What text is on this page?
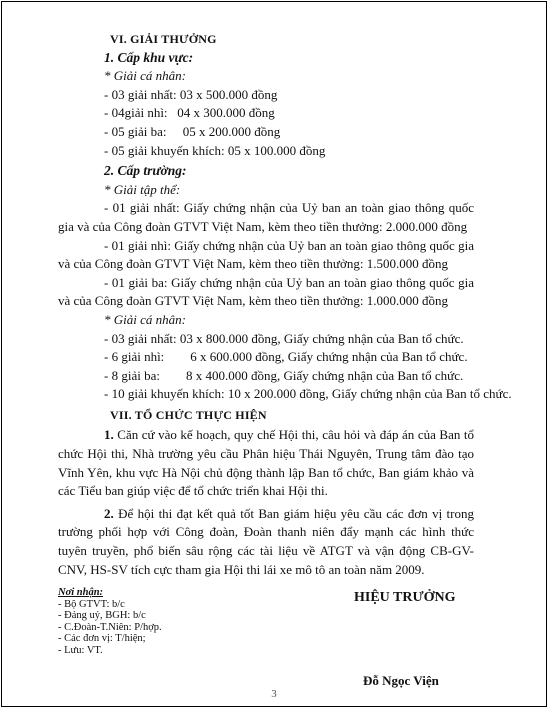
VI. GIẢI THƯỞNG
1. Cấp khu vực:
* Giải cá nhân:
- 03 giải nhất: 03 x 500.000 đồng
- 04giải nhì:   04 x 300.000 đồng
- 05 giải ba:     05 x 200.000 đồng
- 05 giải khuyến khích: 05 x 100.000 đồng
2. Cấp trường:
* Giải tập thể:
- 01 giải nhất: Giấy chứng nhận của Uỷ ban an toàn giao thông quốc gia và của Công đoàn GTVT Việt Nam, kèm theo tiền thưởng: 2.000.000 đồng
- 01 giải nhì: Giấy chứng nhận của Uỷ ban an toàn giao thông quốc gia và của Công đoàn GTVT Việt Nam, kèm theo tiền thưởng: 1.500.000 đồng
- 01 giải ba: Giấy chứng nhận của Uỷ ban an toàn giao thông quốc gia và của Công đoàn GTVT Việt Nam, kèm theo tiền thưởng: 1.000.000 đồng
* Giải cá nhân:
- 03 giải nhất: 03 x 800.000 đồng, Giấy chứng nhận của Ban tổ chức.
- 6 giải nhì:        6 x 600.000 đồng, Giấy chứng nhận của Ban tổ chức.
- 8 giải ba:        8 x 400.000 đồng, Giấy chứng nhận của Ban tổ chức.
- 10 giải khuyến khích: 10 x 200.000 đồng, Giấy chứng nhận của Ban tổ chức.
VII. TỔ CHỨC THỰC HIỆN
1. Căn cứ vào kế hoạch, quy chế Hội thi, câu hỏi và đáp án của Ban tổ chức Hội thi, Nhà trường yêu cầu Phân hiệu Thái Nguyên, Trung tâm đào tạo Vĩnh Yên, khu vực Hà Nội chủ động thành lập Ban tổ chức, Ban giám khảo và các Tiểu ban giúp việc để tổ chức triển khai Hội thi.
2. Để hội thi đạt kết quả tốt Ban giám hiệu yêu cầu các đơn vị trong trường phối hợp với Công đoàn, Đoàn thanh niên đẩy mạnh các hình thức tuyên truyền, phổ biến sâu rộng các tài liệu về ATGT và vận động CB-GV-CNV, HS-SV tích cực tham gia Hội thi lái xe mô tô an toàn năm 2009.
Nơi nhận:
- Bộ GTVT: b/c
- Đảng uỷ, BGH: b/c
- C.Đoàn-T.Niên: P/hợp.
- Các đơn vị: T/hiện;
- Lưu: VT.
HIỆU TRƯỞNG
Đỗ Ngọc Viện
3
